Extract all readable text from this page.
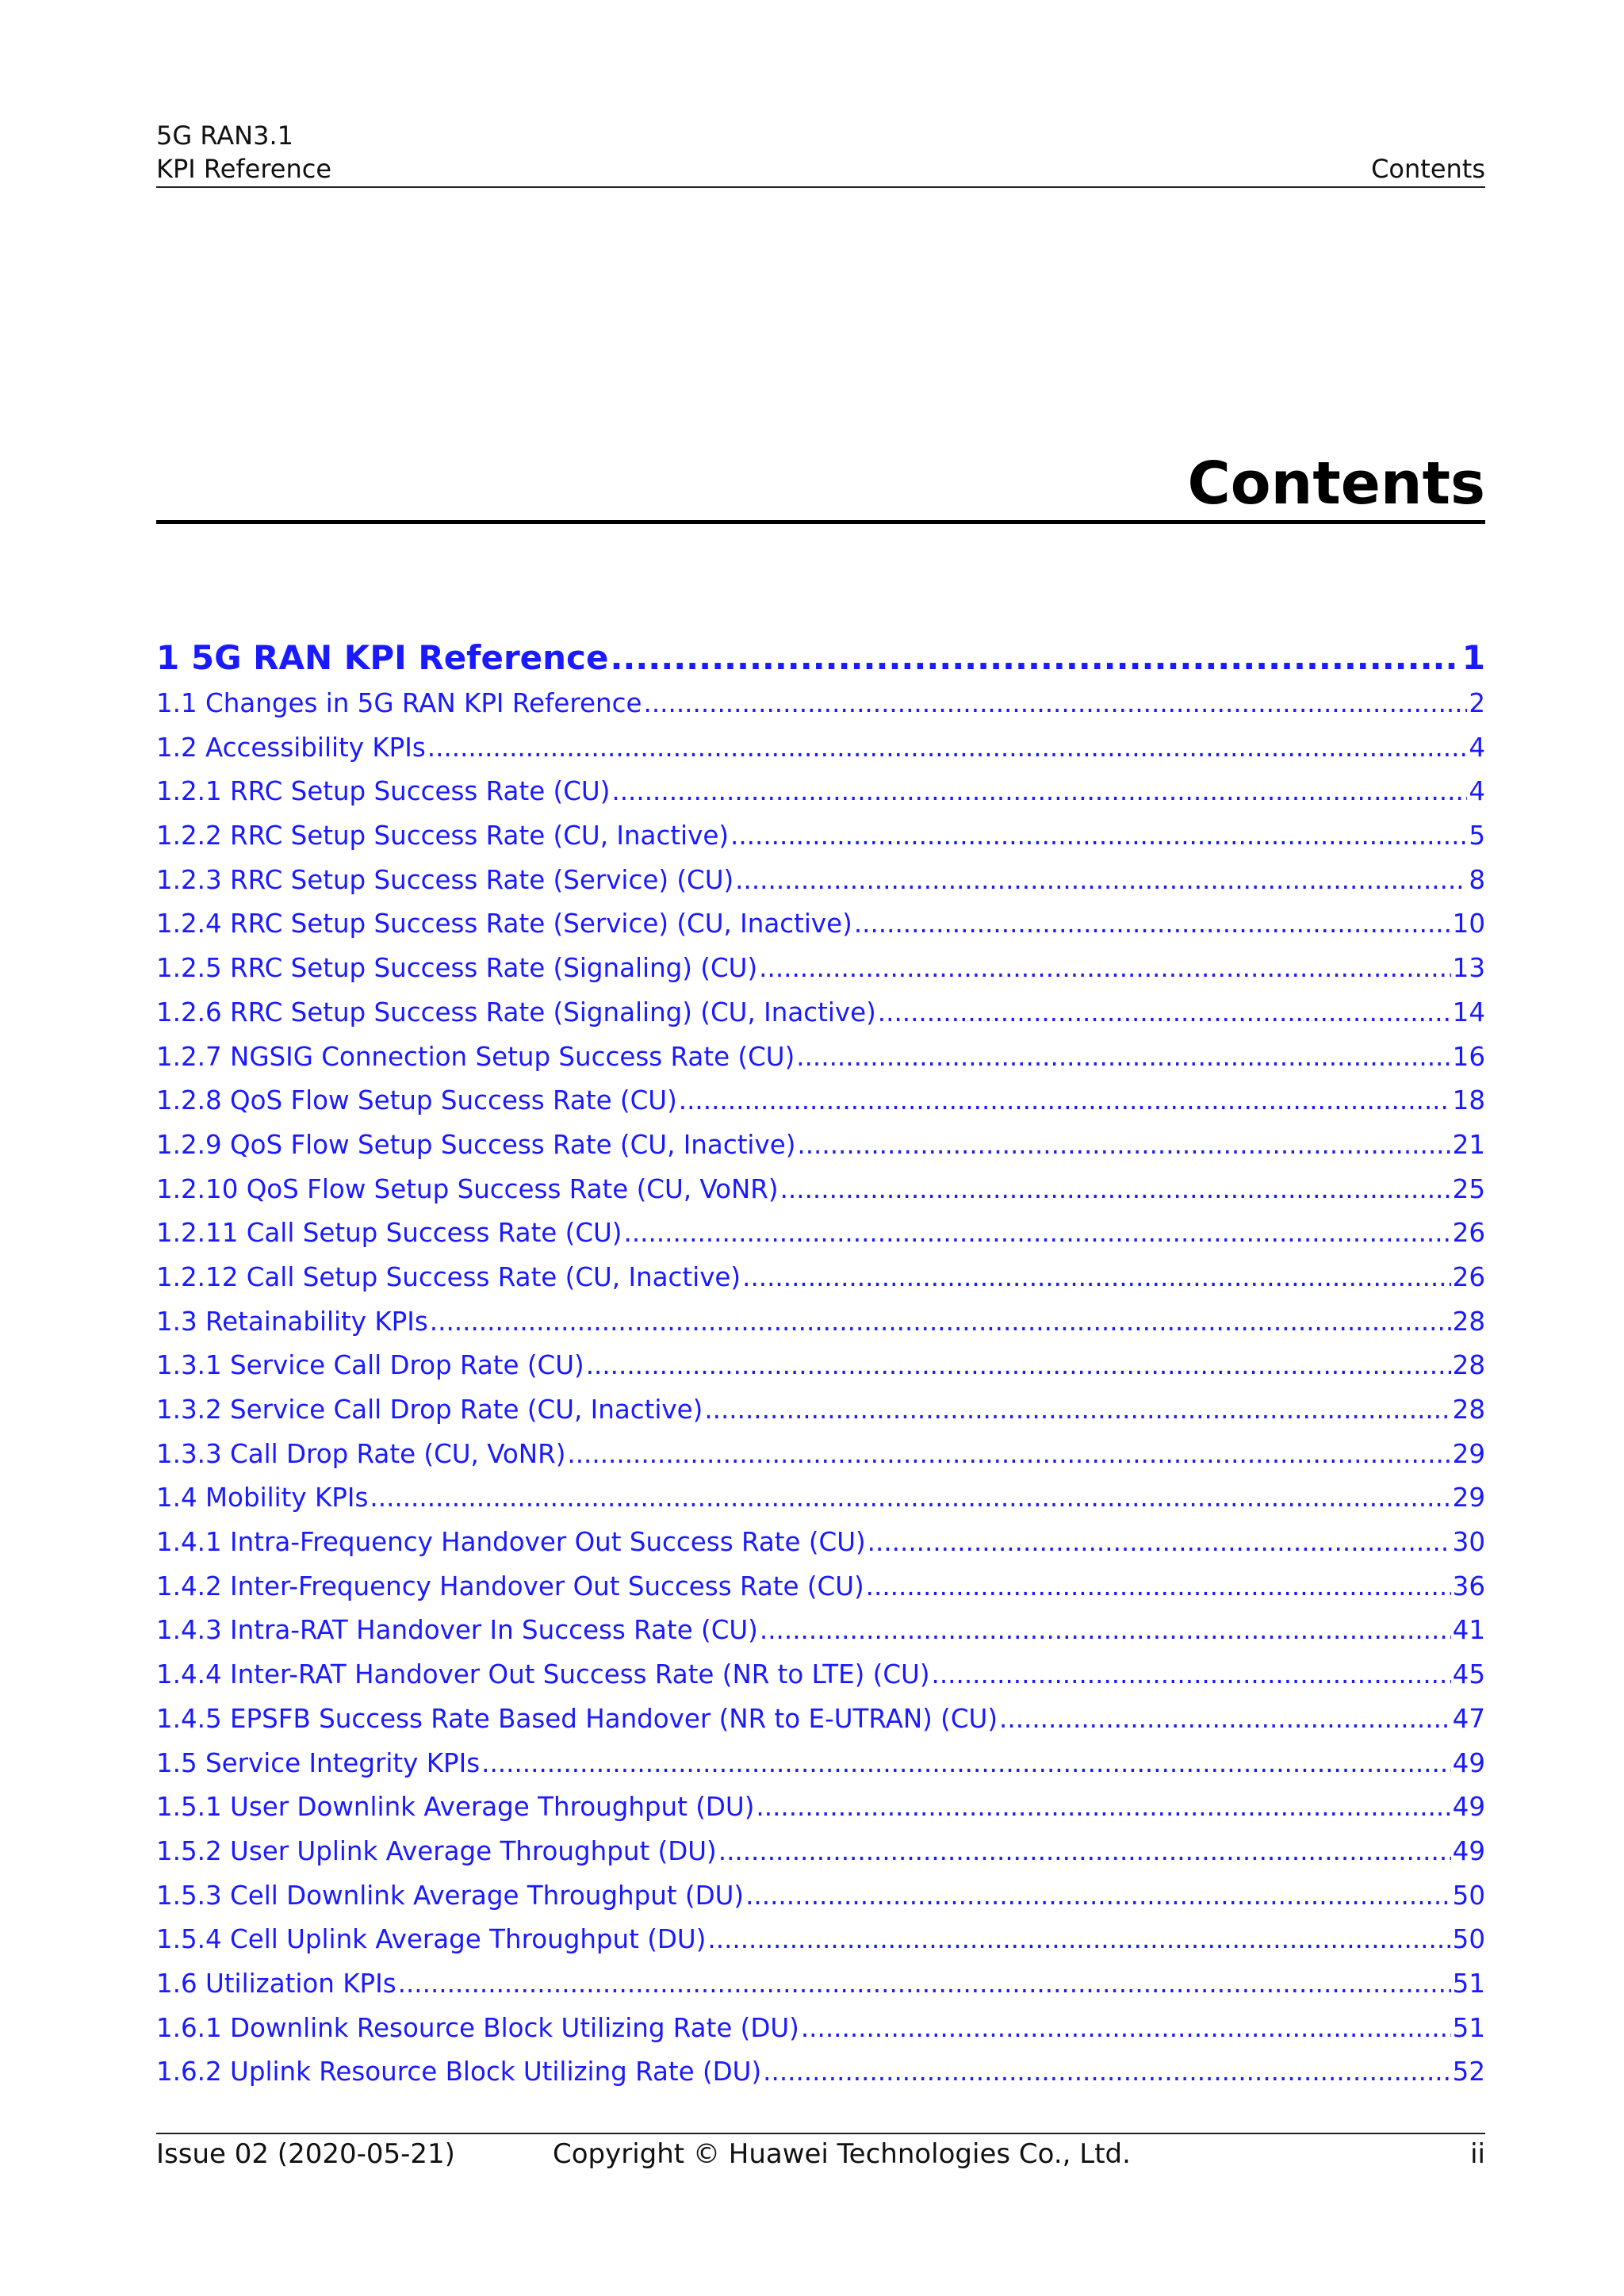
5G RAN3.1
KPI Reference	Contents
Contents
1 5G RAN KPI Reference .....	1
1.1 Changes in 5G RAN KPI Reference .....	2
1.2 Accessibility KPIs .....	4
1.2.1 RRC Setup Success Rate (CU) .....	4
1.2.2 RRC Setup Success Rate (CU, Inactive) .....	5
1.2.3 RRC Setup Success Rate (Service) (CU) .....	8
1.2.4 RRC Setup Success Rate (Service) (CU, Inactive) .....	10
1.2.5 RRC Setup Success Rate (Signaling) (CU) .....	13
1.2.6 RRC Setup Success Rate (Signaling) (CU, Inactive) .....	14
1.2.7 NGSIG Connection Setup Success Rate (CU) .....	16
1.2.8 QoS Flow Setup Success Rate (CU) .....	18
1.2.9 QoS Flow Setup Success Rate (CU, Inactive) .....	21
1.2.10 QoS Flow Setup Success Rate (CU, VoNR) .....	25
1.2.11 Call Setup Success Rate (CU) .....	26
1.2.12 Call Setup Success Rate (CU, Inactive) .....	26
1.3 Retainability KPIs .....	28
1.3.1 Service Call Drop Rate (CU) .....	28
1.3.2 Service Call Drop Rate (CU, Inactive) .....	28
1.3.3 Call Drop Rate (CU, VoNR) .....	29
1.4 Mobility KPIs .....	29
1.4.1 Intra-Frequency Handover Out Success Rate (CU) .....	30
1.4.2 Inter-Frequency Handover Out Success Rate (CU) .....	36
1.4.3 Intra-RAT Handover In Success Rate (CU) .....	41
1.4.4 Inter-RAT Handover Out Success Rate (NR to LTE) (CU) .....	45
1.4.5 EPSFB Success Rate Based Handover (NR to E-UTRAN) (CU) .....	47
1.5 Service Integrity KPIs .....	49
1.5.1 User Downlink Average Throughput (DU) .....	49
1.5.2 User Uplink Average Throughput (DU) .....	49
1.5.3 Cell Downlink Average Throughput (DU) .....	50
1.5.4 Cell Uplink Average Throughput (DU) .....	50
1.6 Utilization KPIs .....	51
1.6.1 Downlink Resource Block Utilizing Rate (DU) .....	51
1.6.2 Uplink Resource Block Utilizing Rate (DU) .....	52
Issue 02 (2020-05-21)	Copyright © Huawei Technologies Co., Ltd.	ii
